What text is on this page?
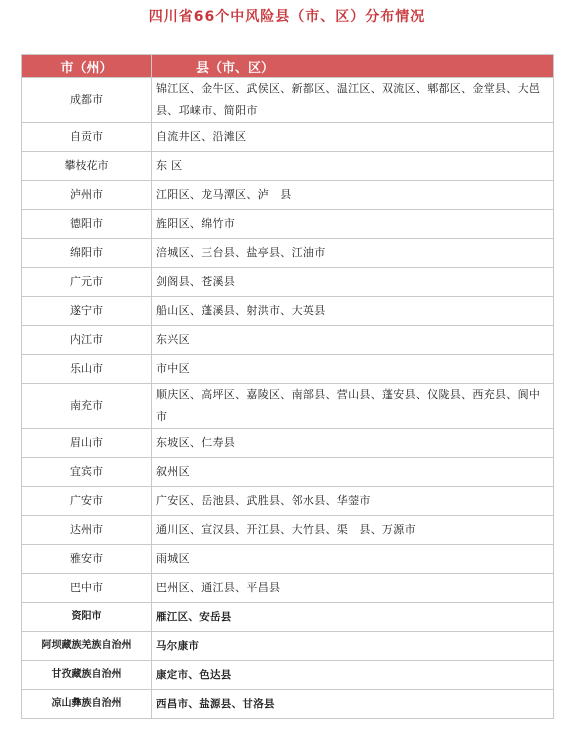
四川省66个中风险县（市、区）分布情况
市（州）	县（市、区）
成都市	锦江区、金牛区、武侯区、新都区、温江区、双流区、郫都区、金堂县、大邑县、邛崃市、简阳市
自贡市	自流井区、沿滩区
攀枝花市	东 区
泸州市	江阳区、龙马潭区、泸　县
德阳市	旌阳区、绵竹市
绵阳市	涪城区、三台县、盐亭县、江油市
广元市	剑阁县、苍溪县
遂宁市	船山区、蓬溪县、射洪市、大英县
内江市	东兴区
乐山市	市中区
南充市	顺庆区、高坪区、嘉陵区、南部县、营山县、蓬安县、仪陇县、西充县、阆中市
眉山市	东坡区、仁寿县
宜宾市	叙州区
广安市	广安区、岳池县、武胜县、邻水县、华蓥市
达州市	通川区、宣汉县、开江县、大竹县、渠　县、万源市
雅安市	雨城区
巴中市	巴州区、通江县、平昌县
资阳市	雁江区、安岳县
阿坝藏族羌族自治州	马尔康市
甘孜藏族自治州	康定市、色达县
凉山彝族自治州	西昌市、盐源县、甘洛县
